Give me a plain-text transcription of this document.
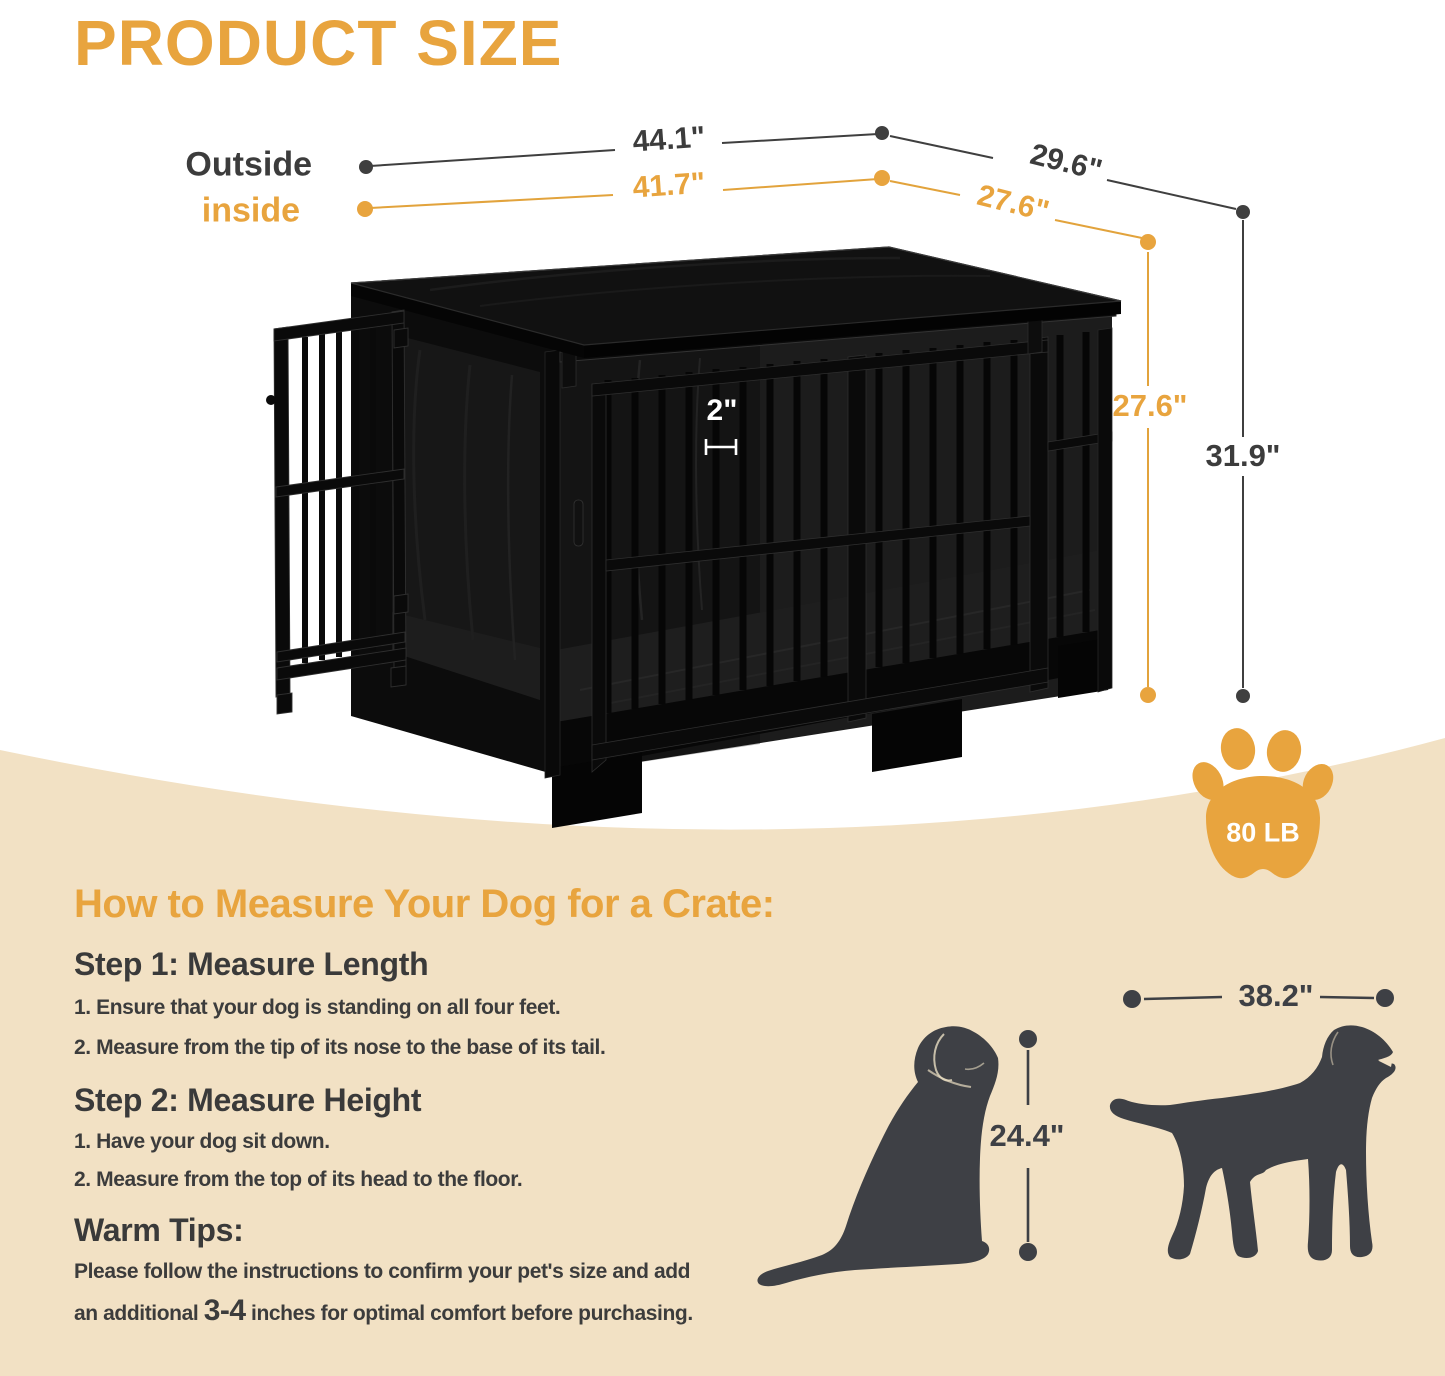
PRODUCT SIZE
Outside
inside
44.1"
41.7"	29.6"
27.6"
27.6"
31.9"
2"
80 LB
38.2"
24.4"
How to Measure Your Dog for a Crate:
Step 1: Measure Length
1. Ensure that your dog is standing on all four feet.
2. Measure from the tip of its nose to the base of its tail.
Step 2: Measure Height
1. Have your dog sit down.
2. Measure from the top of its head to the floor.
Warm Tips:
Please follow the instructions to confirm your pet's size and add
an additional 3-4 inches for optimal comfort before purchasing.
